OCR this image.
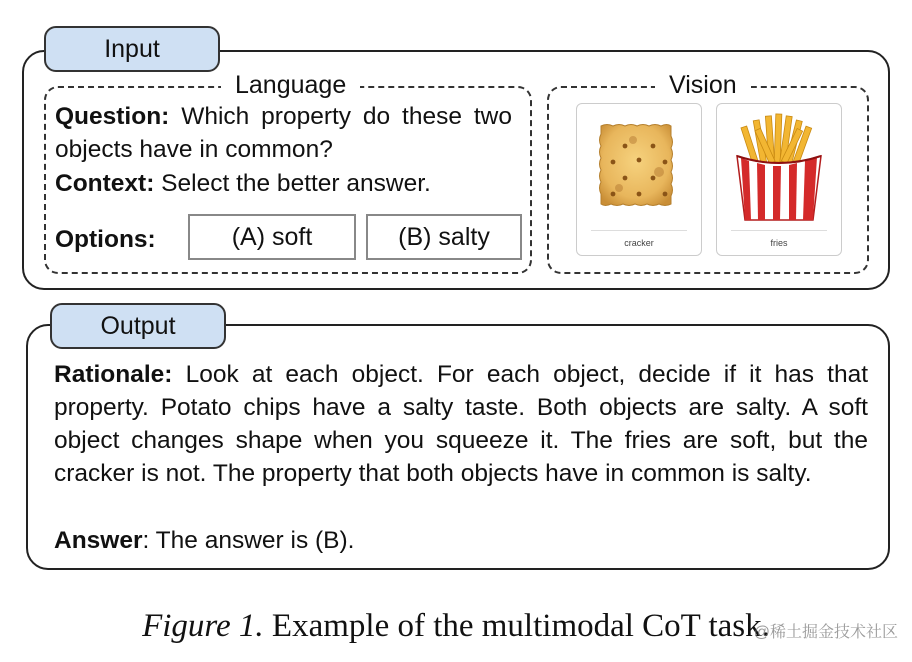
Input
Language
Question: Which property do these two objects have in common?
Context: Select the better answer.
Options:	(A) soft	(B) salty
Vision
cracker	fries
Output
Rationale: Look at each object. For each object, decide if it has that property. Potato chips have a salty taste. Both objects are salty. A soft object changes shape when you squeeze it. The fries are soft, but the cracker is not. The property that both objects have in common is salty.
Answer: The answer is (B).
Figure 1. Example of the multimodal CoT task.
@稀土掘金技术社区
